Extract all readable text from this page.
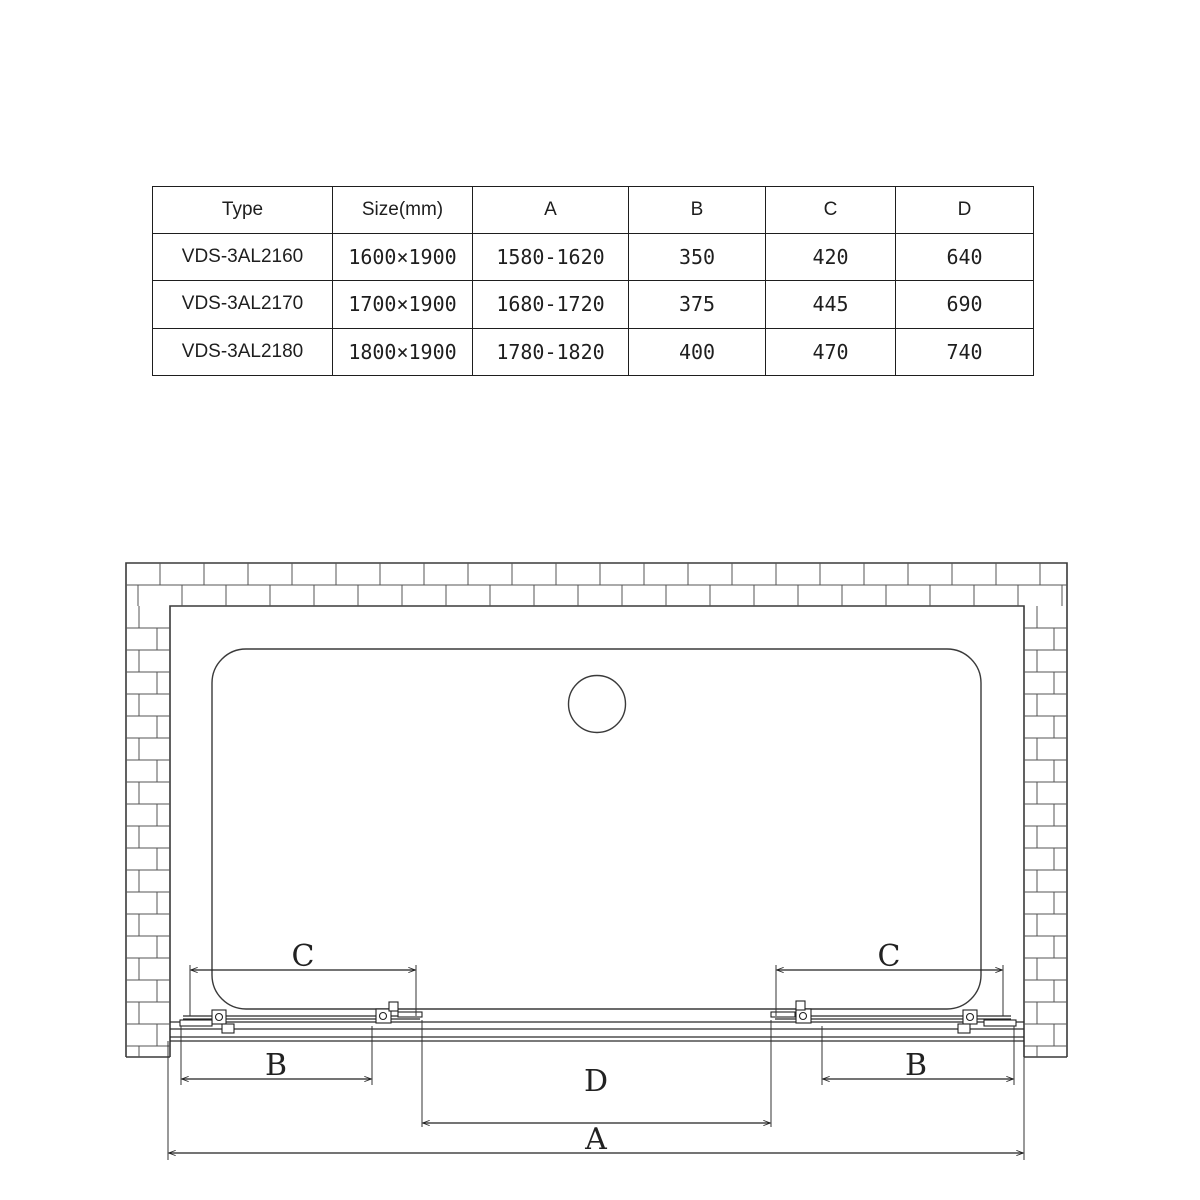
Type	Size(mm)	A	B	C	D
VDS-3AL2160	1600×1900	1580-1620	350	420	640
VDS-3AL2170	1700×1900	1680-1720	375	445	690
VDS-3AL2180	1800×1900	1780-1820	400	470	740
C	C
B	B
D
A
